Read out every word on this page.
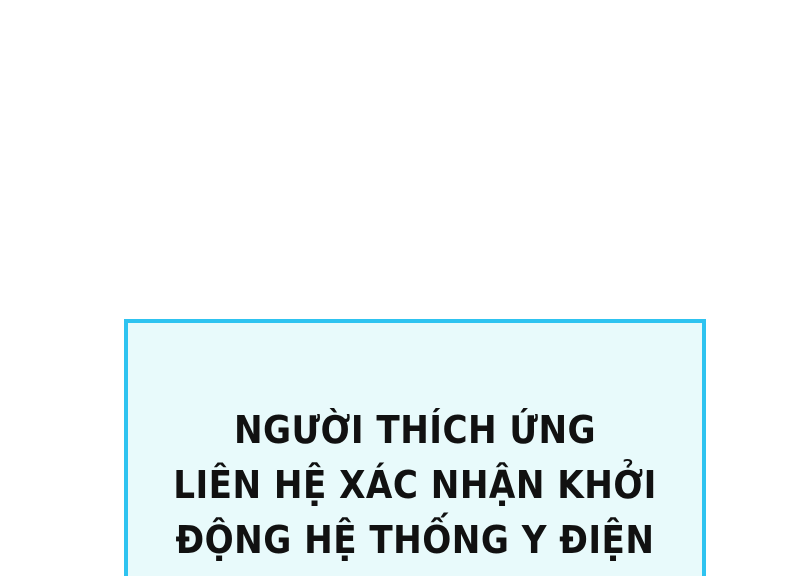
NGƯỜI THÍCH ỨNG
LIÊN HỆ XÁC NHẬN KHỞI
ĐỘNG HỆ THỐNG Y ĐIỆN
